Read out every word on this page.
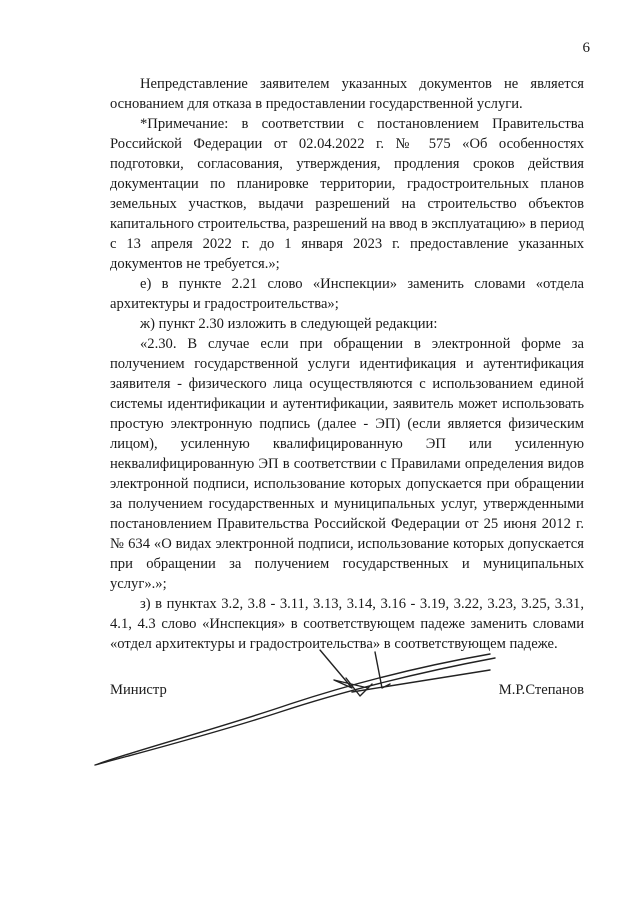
6

Непредставление заявителем указанных документов не является основанием для отказа в предоставлении государственной услуги.

*Примечание: в соответствии с постановлением Правительства Российской Федерации от 02.04.2022 г. № 575 «Об особенностях подготовки, согласования, утверждения, продления сроков действия документации по планировке территории, градостроительных планов земельных участков, выдачи разрешений на строительство объектов капитального строительства, разрешений на ввод в эксплуатацию» в период с 13 апреля 2022 г. до 1 января 2023 г. предоставление указанных документов не требуется.»;

е) в пункте 2.21 слово «Инспекции» заменить словами «отдела архитектуры и градостроительства»;

ж) пункт 2.30 изложить в следующей редакции:

«2.30. В случае если при обращении в электронной форме за получением государственной услуги идентификация и аутентификация заявителя - физического лица осуществляются с использованием единой системы идентификации и аутентификации, заявитель может использовать простую электронную подпись (далее - ЭП) (если является физическим лицом), усиленную квалифицированную ЭП или усиленную неквалифицированную ЭП в соответствии с Правилами определения видов электронной подписи, использование которых допускается при обращении за получением государственных и муниципальных услуг, утвержденными постановлением Правительства Российской Федерации от 25 июня 2012 г. № 634 «О видах электронной подписи, использование которых допускается при обращении за получением государственных и муниципальных услуг».»;

з) в пунктах 3.2, 3.8 - 3.11, 3.13, 3.14, 3.16 - 3.19, 3.22, 3.23, 3.25, 3.31, 4.1, 4.3 слово «Инспекция» в соответствующем падеже заменить словами «отдел архитектуры и градостроительства» в соответствующем падеже.

Министр	М.Р.Степанов
